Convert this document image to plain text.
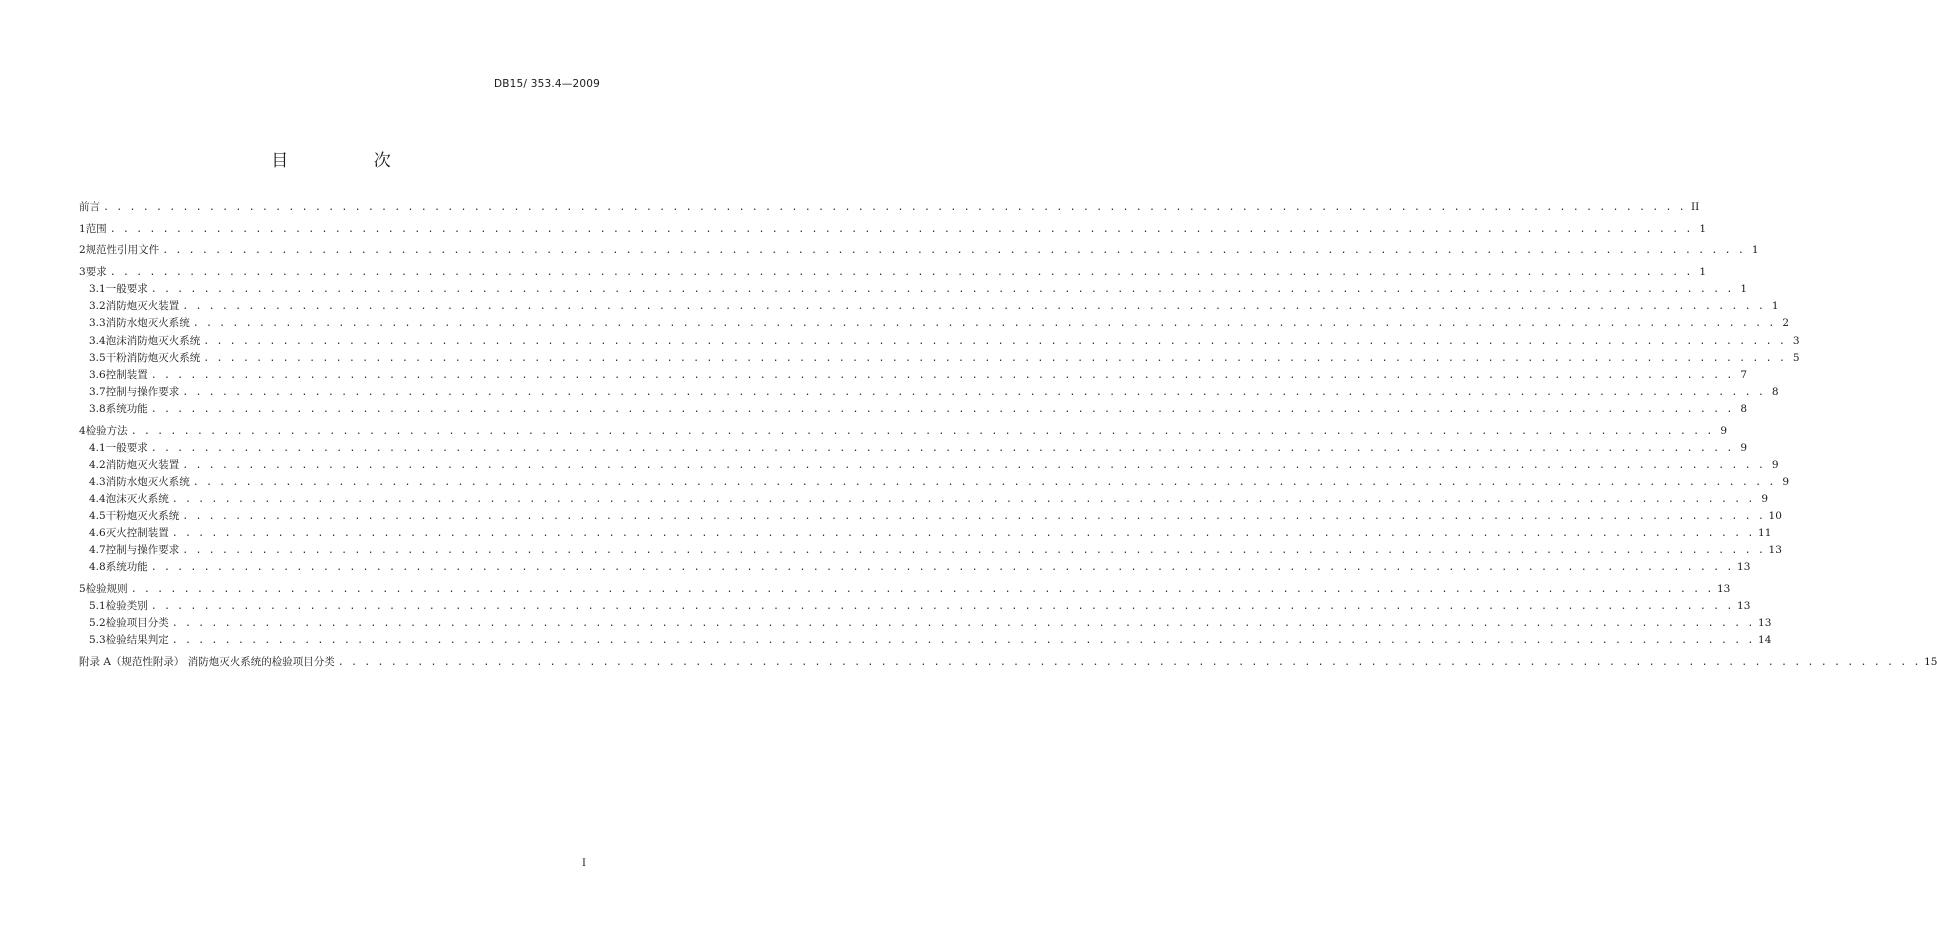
DB15/ 353.4—2009
目 次
前言 . . . . . . . . . . . . . . . . . . . . . . . . . . . . . . . . . . . . . . . . . . . . . . . . . . . . . . . . . . . . . . . . . . . . . . . . . . . . . . . . . . . . . . . . . . . . . . . . . . . . . . . . . . . . . . . . . . . . . . . . II
1 范围 . . . . . . . . . . . . . . . . . . . . . . . . . . . . . . . . . . . . . . . . . . . . . . . . . . . . . . . . . . . . . . . . . . . . . . . . . . . . . . . . . . . . . . . . . . . . . . . . . . . . . . . . . . . . . . . . . . . . . . . . 1
2 规范性引用文件 . . . . . . . . . . . . . . . . . . . . . . . . . . . . . . . . . . . . . . . . . . . . . . . . . . . . . . . . . . . . . . . . . . . . . . . . . . . . . . . . . . . . . . . . . . . . . . . . . . . . . . . . . . . . . . . . . . . . . . . . 1
3 要求 . . . . . . . . . . . . . . . . . . . . . . . . . . . . . . . . . . . . . . . . . . . . . . . . . . . . . . . . . . . . . . . . . . . . . . . . . . . . . . . . . . . . . . . . . . . . . . . . . . . . . . . . . . . . . . . . . . . . . . . . 1
3.1 一般要求 . . . . . . . . . . . . . . . . . . . . . . . . . . . . . . . . . . . . . . . . . . . . . . . . . . . . . . . . . . . . . . . . . . . . . . . . . . . . . . . . . . . . . . . . . . . . . . . . . . . . . . . . . . . . . . . . . . . . . . . . 1
3.2 消防炮灭火装置 . . . . . . . . . . . . . . . . . . . . . . . . . . . . . . . . . . . . . . . . . . . . . . . . . . . . . . . . . . . . . . . . . . . . . . . . . . . . . . . . . . . . . . . . . . . . . . . . . . . . . . . . . . . . . . . . . . . . . . . . 1
3.3 消防水炮灭火系统 . . . . . . . . . . . . . . . . . . . . . . . . . . . . . . . . . . . . . . . . . . . . . . . . . . . . . . . . . . . . . . . . . . . . . . . . . . . . . . . . . . . . . . . . . . . . . . . . . . . . . . . . . . . . . . . . . . . . . . . . 2
3.4 泡沫消防炮灭火系统 . . . . . . . . . . . . . . . . . . . . . . . . . . . . . . . . . . . . . . . . . . . . . . . . . . . . . . . . . . . . . . . . . . . . . . . . . . . . . . . . . . . . . . . . . . . . . . . . . . . . . . . . . . . . . . . . . . . . . . . . 3
3.5 干粉消防炮灭火系统 . . . . . . . . . . . . . . . . . . . . . . . . . . . . . . . . . . . . . . . . . . . . . . . . . . . . . . . . . . . . . . . . . . . . . . . . . . . . . . . . . . . . . . . . . . . . . . . . . . . . . . . . . . . . . . . . . . . . . . . . 5
3.6 控制装置 . . . . . . . . . . . . . . . . . . . . . . . . . . . . . . . . . . . . . . . . . . . . . . . . . . . . . . . . . . . . . . . . . . . . . . . . . . . . . . . . . . . . . . . . . . . . . . . . . . . . . . . . . . . . . . . . . . . . . . . . 7
3.7 控制与操作要求 . . . . . . . . . . . . . . . . . . . . . . . . . . . . . . . . . . . . . . . . . . . . . . . . . . . . . . . . . . . . . . . . . . . . . . . . . . . . . . . . . . . . . . . . . . . . . . . . . . . . . . . . . . . . . . . . . . . . . . . . 8
3.8 系统功能 . . . . . . . . . . . . . . . . . . . . . . . . . . . . . . . . . . . . . . . . . . . . . . . . . . . . . . . . . . . . . . . . . . . . . . . . . . . . . . . . . . . . . . . . . . . . . . . . . . . . . . . . . . . . . . . . . . . . . . . . 8
4 检验方法 . . . . . . . . . . . . . . . . . . . . . . . . . . . . . . . . . . . . . . . . . . . . . . . . . . . . . . . . . . . . . . . . . . . . . . . . . . . . . . . . . . . . . . . . . . . . . . . . . . . . . . . . . . . . . . . . . . . . . . . . 9
4.1 一般要求 . . . . . . . . . . . . . . . . . . . . . . . . . . . . . . . . . . . . . . . . . . . . . . . . . . . . . . . . . . . . . . . . . . . . . . . . . . . . . . . . . . . . . . . . . . . . . . . . . . . . . . . . . . . . . . . . . . . . . . . . 9
4.2 消防炮灭火装置 . . . . . . . . . . . . . . . . . . . . . . . . . . . . . . . . . . . . . . . . . . . . . . . . . . . . . . . . . . . . . . . . . . . . . . . . . . . . . . . . . . . . . . . . . . . . . . . . . . . . . . . . . . . . . . . . . . . . . . . . 9
4.3 消防水炮灭火系统 . . . . . . . . . . . . . . . . . . . . . . . . . . . . . . . . . . . . . . . . . . . . . . . . . . . . . . . . . . . . . . . . . . . . . . . . . . . . . . . . . . . . . . . . . . . . . . . . . . . . . . . . . . . . . . . . . . . . . . . . 9
4.4 泡沫灭火系统 . . . . . . . . . . . . . . . . . . . . . . . . . . . . . . . . . . . . . . . . . . . . . . . . . . . . . . . . . . . . . . . . . . . . . . . . . . . . . . . . . . . . . . . . . . . . . . . . . . . . . . . . . . . . . . . . . . . . . . . . 9
4.5 干粉炮灭火系统 . . . . . . . . . . . . . . . . . . . . . . . . . . . . . . . . . . . . . . . . . . . . . . . . . . . . . . . . . . . . . . . . . . . . . . . . . . . . . . . . . . . . . . . . . . . . . . . . . . . . . . . . . . . . . . . . . . . . . . . . 10
4.6 灭火控制装置 . . . . . . . . . . . . . . . . . . . . . . . . . . . . . . . . . . . . . . . . . . . . . . . . . . . . . . . . . . . . . . . . . . . . . . . . . . . . . . . . . . . . . . . . . . . . . . . . . . . . . . . . . . . . . . . . . . . . . . . . 11
4.7 控制与操作要求 . . . . . . . . . . . . . . . . . . . . . . . . . . . . . . . . . . . . . . . . . . . . . . . . . . . . . . . . . . . . . . . . . . . . . . . . . . . . . . . . . . . . . . . . . . . . . . . . . . . . . . . . . . . . . . . . . . . . . . . . 13
4.8 系统功能 . . . . . . . . . . . . . . . . . . . . . . . . . . . . . . . . . . . . . . . . . . . . . . . . . . . . . . . . . . . . . . . . . . . . . . . . . . . . . . . . . . . . . . . . . . . . . . . . . . . . . . . . . . . . . . . . . . . . . . . . 13
5 检验规则 . . . . . . . . . . . . . . . . . . . . . . . . . . . . . . . . . . . . . . . . . . . . . . . . . . . . . . . . . . . . . . . . . . . . . . . . . . . . . . . . . . . . . . . . . . . . . . . . . . . . . . . . . . . . . . . . . . . . . . . . 13
5.1 检验类别 . . . . . . . . . . . . . . . . . . . . . . . . . . . . . . . . . . . . . . . . . . . . . . . . . . . . . . . . . . . . . . . . . . . . . . . . . . . . . . . . . . . . . . . . . . . . . . . . . . . . . . . . . . . . . . . . . . . . . . . . 13
5.2 检验项目分类 . . . . . . . . . . . . . . . . . . . . . . . . . . . . . . . . . . . . . . . . . . . . . . . . . . . . . . . . . . . . . . . . . . . . . . . . . . . . . . . . . . . . . . . . . . . . . . . . . . . . . . . . . . . . . . . . . . . . . . . . 13
5.3 检验结果判定 . . . . . . . . . . . . . . . . . . . . . . . . . . . . . . . . . . . . . . . . . . . . . . . . . . . . . . . . . . . . . . . . . . . . . . . . . . . . . . . . . . . . . . . . . . . . . . . . . . . . . . . . . . . . . . . . . . . . . . . . 14
附录 A（规范性附录） 消防炮灭火系统的检验项目分类 . . . . . . . . . . . . . . . . . . . . . . . . . . . . . . . . . . . . . . . . . . . . . . . . . . . . . . . . . . . . . . . . . . . . . . . . . . . . . . . . . . . . . . . . . . . . . . . . . . . . . . . . . . . . . . . . . . . . . . . . 15
I
